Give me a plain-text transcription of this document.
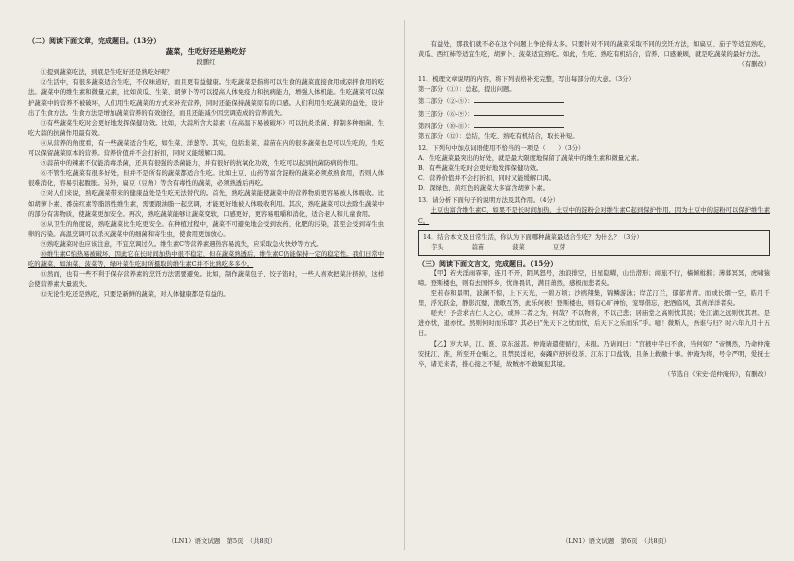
（二）阅读下面文章，完成题目。（13分）

蔬菜，生吃好还是熟吃好

段鹏红

①提到蔬菜吃法，到底是生吃好还是熟吃好呢？

②生活中，有很多蔬菜适合生吃，不仅味道好，而且更有益健康。生吃蔬菜是指将可以生食的蔬菜直接食用或凉拌食用的吃法。蔬菜中的维生素和微量元素，比如黄瓜、生菜、胡萝卜等可以提高人体免疫力和抗病能力，增强人体机能。生吃蔬菜可以保护蔬菜中的营养不被破坏，人们用生吃蔬菜的方式来补充营养，同时还能保持蔬菜原有的口感。人们利用生吃蔬菜的益处，设计出了生食方法。生食方法是增加蔬菜营养的有效途径，而且还能减少因烹调造成的营养流失。

③有些蔬菜生吃时会更好地发挥保健功效。比如，大蒜所含大蒜素（在高温下易被破坏）可以抗炎杀菌、抑制多种细菌、生吃大蒜的抗菌作用最有效。

④从营养的角度看，有一些蔬菜适合生吃，如生菜、洋葱等。其实，包括韭菜、蒜苗在内的很多蔬菜也是可以生吃的，生吃可以保留蔬菜原本的营养。营养价值并不会打折扣，同时又能缓解口渴。

⑤蒜苗中的辣素不仅能消毒杀菌，还具有很强的杀菌能力，并有很好的抗氧化功效，生吃可以起到抗菌防病的作用。

⑥不管生吃蔬菜有很多好处，但并不是所有的蔬菜都适合生吃。比如土豆、山药等富含淀粉的蔬菜必须煮熟食用，否则人体很难消化，容易引起腹胀。另外，扁豆（豆角）等含有毒性的蔬菜，必须熟透后再吃。

⑦对人们来说，熟吃蔬菜带来的健康益处是生吃无法替代的。首先，熟吃蔬菜能使蔬菜中的营养物质更容易被人体吸收。比如胡萝卜素、番茄红素等脂溶性维生素，需要跟油脂一起烹调，才能更好地被人体吸收利用。其次，熟吃蔬菜可以去除生蔬菜中的部分有害物质，使蔬菜更加安全。再次，熟吃蔬菜能够让蔬菜变软，口感更好，更容易咀嚼和消化，适合老人和儿童食用。

⑧从卫生的角度说，熟吃蔬菜比生吃更安全。在种植过程中，蔬菜不可避免地会受到农药、化肥的污染，甚至会受到寄生虫卵的污染。高温烹调可以杀灭蔬菜中的细菌和寄生虫，使食用更加放心。

⑨熟吃蔬菜时也应该注意，不宜烹调过久。维生素C等营养素遇热容易流失，应采取急火快炒等方式。

⑩维生素C怕热易被破坏，因此它在长时间加热中很不稳定，但在蔬菜熟透后，维生素C仍能保持一定的稳定性。我们日常中吃的蔬菜，如油菜、菠菜等，绿叶菜生吃时所摄取的维生素C并不比熟吃多多少。

⑪然而，也有一些不利于保存营养素的烹饪方法需要避免。比如，制作蔬菜包子、饺子馅时，一些人喜欢把菜汁挤掉，这样会使营养素大量流失。

⑫无论生吃还是熟吃，只要是新鲜的蔬菜，对人体健康都是有益的。

有益处，那我们就不必在这个问题上争论得太多。只要针对不同的蔬菜采取不同的烹饪方法，如扁豆、茄子等适宜熟吃，黄瓜、西红柿等适宜生吃，胡萝卜、菠菜适宜熟吃。如此，生吃、熟吃有机结合，营养、口感兼顾，就是吃蔬菜的最好方法。

（有删改）

11．梳理文章说明的内容，将下列表格补充完整，写出每部分的大意。（3分）

第一部分（①）：总起，提出问题。

第二部分（②-⑤）：

第三部分（⑥-⑨）：

第四部分（⑩-⑪）：

第五部分（⑫）：总结，生吃、熟吃有机结合，取长补短。

12．下列句中加点词语使用不恰当的一项是（　　）（3分）

A．生吃蔬菜最突出的好处，就是最大限度地保留了蔬菜中的维生素和微量元素。

B．有些蔬菜生吃时会更好地发挥保健功效。

C．营养价值并不会打折扣，同时又能缓解口渴。

D．深绿色、黄红色的蔬菜大多富含胡萝卜素。

13．请分析下面句子的说明方法及其作用。（4分）

土豆也富含维生素C，如果不是长时间加热，土豆中的淀粉会对维生素C起到保护作用，因为土豆中的淀粉可以保护维生素C。

14．结合本文及日常生活，你认为下面哪种蔬菜最适合生吃？为什么？（3分）

芋头	蒜苗	菠菜	豆芽

（三）阅读下面文言文，完成题目。（15分）

【甲】若夫淫雨霏霏，连月不开，阴风怒号，浊浪排空，日星隐曜，山岳潜形；商旅不行，樯倾楫摧；薄暮冥冥，虎啸猿啼。登斯楼也，则有去国怀乡，忧谗畏讥，满目萧然，感极而悲者矣。

至若春和景明，波澜不惊，上下天光，一碧万顷；沙鸥翔集，锦鳞游泳；岸芷汀兰，郁郁青青。而或长烟一空，皓月千里，浮光跃金，静影沉璧，渔歌互答，此乐何极！登斯楼也，则有心旷神怡，宠辱偕忘，把酒临风，其喜洋洋者矣。

嗟夫！予尝求古仁人之心，或异二者之为，何哉？不以物喜，不以己悲；居庙堂之高则忧其民；处江湖之远则忧其君。是进亦忧，退亦忧。然则何时而乐耶？其必曰“先天下之忧而忧，后天下之乐而乐”乎。噫！微斯人，吾谁与归？时六年九月十五日。

【乙】岁大旱，江、淮、京东滋甚。仲淹请遣使循行，未报。乃请间曰：“宫掖中半日不食，当何如？”帝恻然，乃命仲淹安抚江、淮，所至开仓赈之，且禁民淫祀，奏蠲庐舒折役茶、江东丁口盐钱，且条上救敝十事。仲淹为将，号令严明，爱抚士卒，诸羌来者，推心接之不疑，故贼亦不敢辄犯其境。

（节选自《宋史·范仲淹传》，有删改）

（LN1）语文试题　第5页　（共8页）	（LN1）语文试题　第6页　（共8页）
